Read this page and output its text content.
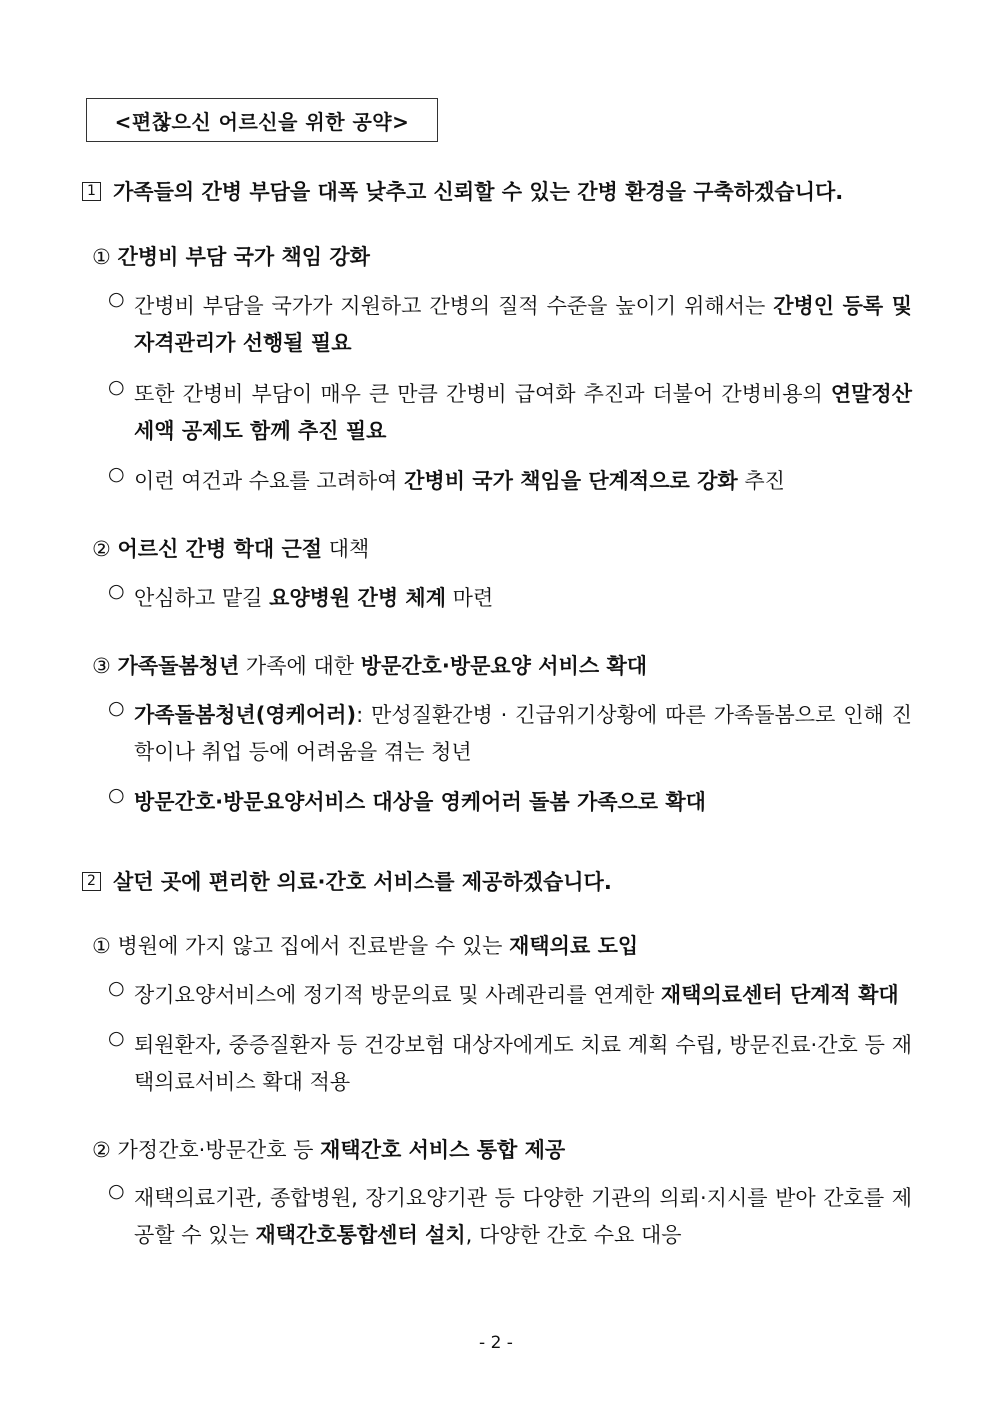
<편찮으신 어르신을 위한 공약>
1 가족들의 간병 부담을 대폭 낮추고 신뢰할 수 있는 간병 환경을 구축하겠습니다.
① 간병비 부담 국가 책임 강화
○ 간병비 부담을 국가가 지원하고 간병의 질적 수준을 높이기 위해서는 간병인 등록 및 자격관리가 선행될 필요
○ 또한 간병비 부담이 매우 큰 만큼 간병비 급여화 추진과 더불어 간병비용의 연말정산 세액 공제도 함께 추진 필요
○ 이런 여건과 수요를 고려하여 간병비 국가 책임을 단계적으로 강화 추진
② 어르신 간병 학대 근절 대책
○ 안심하고 맡길 요양병원 간병 체계 마련
③ 가족돌봄청년 가족에 대한 방문간호·방문요양 서비스 확대
○ 가족돌봄청년(영케어러): 만성질환간병 · 긴급위기상황에 따른 가족돌봄으로 인해 진학이나 취업 등에 어려움을 겪는 청년
○ 방문간호·방문요양서비스 대상을 영케어러 돌봄 가족으로 확대
2 살던 곳에 편리한 의료·간호 서비스를 제공하겠습니다.
① 병원에 가지 않고 집에서 진료받을 수 있는 재택의료 도입
○ 장기요양서비스에 정기적 방문의료 및 사례관리를 연계한 재택의료센터 단계적 확대
○ 퇴원환자, 중증질환자 등 건강보험 대상자에게도 치료 계획 수립, 방문진료·간호 등 재택의료서비스 확대 적용
② 가정간호·방문간호 등 재택간호 서비스 통합 제공
○ 재택의료기관, 종합병원, 장기요양기관 등 다양한 기관의 의뢰·지시를 받아 간호를 제공할 수 있는 재택간호통합센터 설치, 다양한 간호 수요 대응
- 2 -
